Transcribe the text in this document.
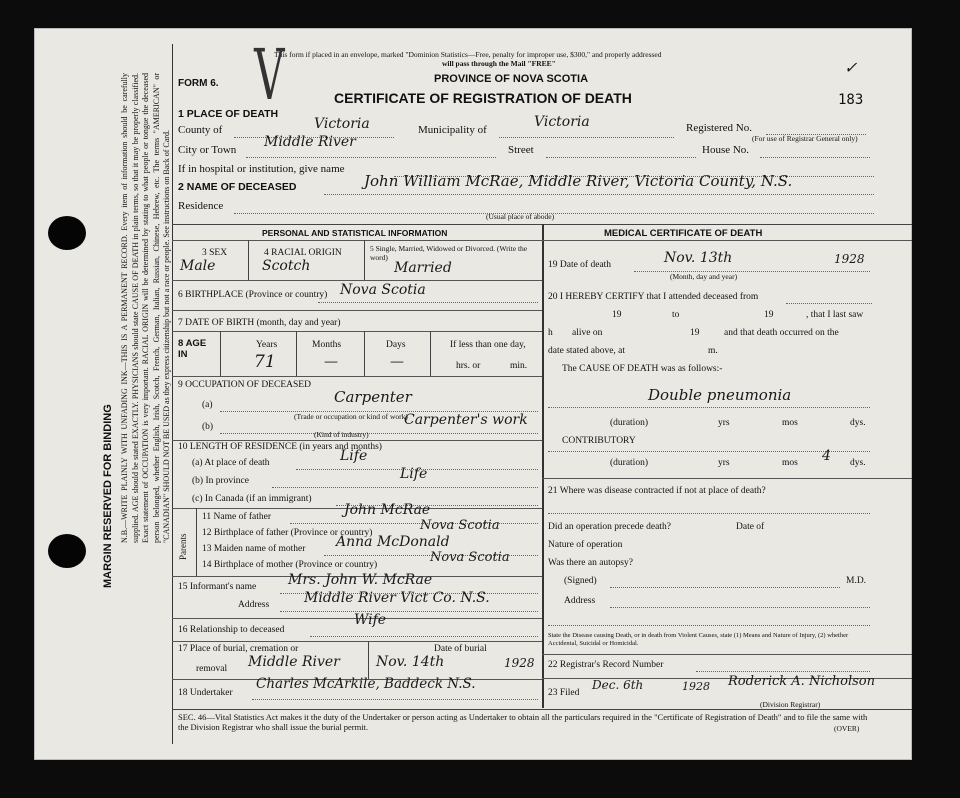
MARGIN RESERVED FOR BINDING N.B.—WRITE PLAINLY WITH UNFADING INK—THIS IS A PERMANENT RECORD. Every item of information should be carefully supplied. AGE should be stated EXACTLY. PHYSICIANS should state CAUSE OF DEATH in plain terms, so that it may be properly classified. Exact statement of OCCUPATION is very important. RACIAL ORIGIN will be determined by stating to what people or tongue the deceased person belonged, whether English, Irish, Scotch, French, German, Italian, Russian, Chinese, Hebrew, etc. The terms "AMERICAN" or "CANADIAN" SHOULD NOT BE USED as they express citizenship but not a race or people. See instructions on Back of Card.
This form if placed in an envelope, marked "Dominion Statistics—Free, penalty for improper use, $300," and properly addressed
will pass through the Mail "FREE"
PROVINCE OF NOVA SCOTIA
FORM 6.
CERTIFICATE OF REGISTRATION OF DEATH	183
✓
V
1 PLACE OF DEATH
County of	Victoria	Municipality of	Victoria	Registered No.
(For use of Registrar General only)
City or Town Middle River	Street	House No.
If in hospital or institution, give name
2 NAME OF DECEASED	John William McRae, Middle River, Victoria County, N.S.
Residence
(Usual place of abode)
PERSONAL AND STATISTICAL INFORMATION
3 SEX	4 RACIAL ORIGIN	5 Single, Married, Widowed or Divorced. (Write the word)
Male	Scotch	Married
6 BIRTHPLACE (Province or country) Nova Scotia
7 DATE OF BIRTH (month, day and year)
8 AGE IN
Years	Months	Days
71	—	—
If less than one day,
hrs. or	min.
9 OCCUPATION OF DECEASED
(a)	Carpenter
(Trade or occupation or kind of work)
(b)	Carpenter's work
(Kind of industry)
10 LENGTH OF RESIDENCE (in years and months)
(a) At place of death	Life
(b) In province	Life
(c) In Canada (if an immigrant)
Parents
11 Name of father	John McRae
12 Birthplace of father (Province or country)	Nova Scotia
13 Maiden name of mother Anna McDonald
14 Birthplace of mother (Province or country)	Nova Scotia
15 Informant's name Mrs. John W. McRae
Address Middle River Vict Co. N.S.
16 Relationship to deceased
Wife
17 Place of burial, cremation or
removal Middle River
Date of burial
Nov. 14th	1928
18 Undertaker
Charles McArkile, Baddeck N.S.
MEDICAL CERTIFICATE OF DEATH
19 Date of death	Nov. 13th	1928
(Month, day and year)
20 I HEREBY CERTIFY that I attended deceased from
19	to	19	, that I last saw
h alive on	19	and that death occurred on the
date stated above, at	m.
The CAUSE OF DEATH was as follows:-
Double pneumonia
(duration)	yrs	mos	dys.
CONTRIBUTORY
(duration)	yrs	mos 4 dys.
21 Where was disease contracted if not at place of death?
Did an operation precede death?	Date of
Nature of operation
Was there an autopsy?
(Signed)	M.D.
Address
State the Disease causing Death, or in death from Violent Causes, state (1) Means and Nature of Injury, (2) whether Accidental, Suicidal or Homicidal.
22 Registrar's Record Number
23 Filed
Dec. 6th	1928 Roderick A. Nicholson
(Division Registrar)
SEC. 46—Vital Statistics Act makes it the duty of the Undertaker or person acting as Undertaker to obtain all the particulars required in the "Certificate of Registration of Death" and to file the same with the Division Registrar who shall issue the burial permit.	(OVER)
